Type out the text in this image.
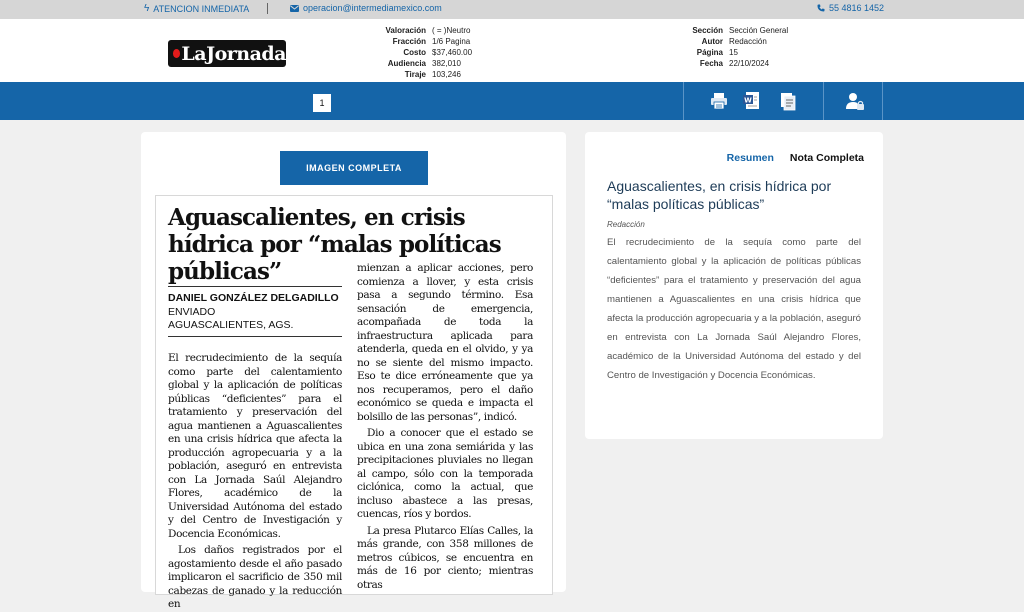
ϟ ATENCION INMEDIATA	operacion@intermediamexico.com	55 4816 1452
LaJornada
Valoración ( = )Neutro
Fracción 1/6 Pagina
Costo $37,460.00
Audiencia 382,010
Tiraje 103,246
Sección Sección General
Autor Redacción
Página 15
Fecha 22/10/2024
1	W
IMAGEN COMPLETA
Aguascalientes, en crisis hídrica por “malas políticas públicas”
DANIEL GONZÁLEZ DELGADILLO
ENVIADO
AGUASCALIENTES, AGS.

El recrudecimiento de la sequía como parte del calentamiento global y la aplicación de políticas públicas “deficientes” para el tratamiento y preservación del agua mantienen a Aguascalientes en una crisis hídrica que afecta la producción agropecuaria y a la población, aseguró en entrevista con La Jornada Saúl Alejandro Flores, académico de la Universidad Autónoma del estado y del Centro de Investigación y Docencia Económicas.

Los daños registrados por el agostamiento desde el año pasado implicaron el sacrificio de 350 mil cabezas de ganado y la reducción en

mienzan a aplicar acciones, pero comienza a llover, y esta crisis pasa a segundo término. Esa sensación de emergencia, acompañada de toda la infraestructura aplicada para atenderla, queda en el olvido, y ya no se siente del mismo impacto. Eso te dice erróneamente que ya nos recuperamos, pero el daño económico se queda e impacta el bolsillo de las personas”, indicó.

Dio a conocer que el estado se ubica en una zona semiárida y las precipitaciones pluviales no llegan al campo, sólo con la temporada ciclónica, como la actual, que incluso abastece a las presas, cuencas, ríos y bordos.

La presa Plutarco Elías Calles, la más grande, con 358 millones de metros cúbicos, se encuentra en más de 16 por ciento; mientras otras

Resumen Nota Completa
Aguascalientes, en crisis hídrica por “malas políticas públicas”
Redacción
El recrudecimiento de la sequía como parte del calentamiento global y la aplicación de políticas públicas “deficientes” para el tratamiento y preservación del agua mantienen a Aguascalientes en una crisis hídrica que afecta la producción agropecuaria y a la población, aseguró en entrevista con La Jornada Saúl Alejandro Flores, académico de la Universidad Autónoma del estado y del Centro de Investigación y Docencia Económicas.
